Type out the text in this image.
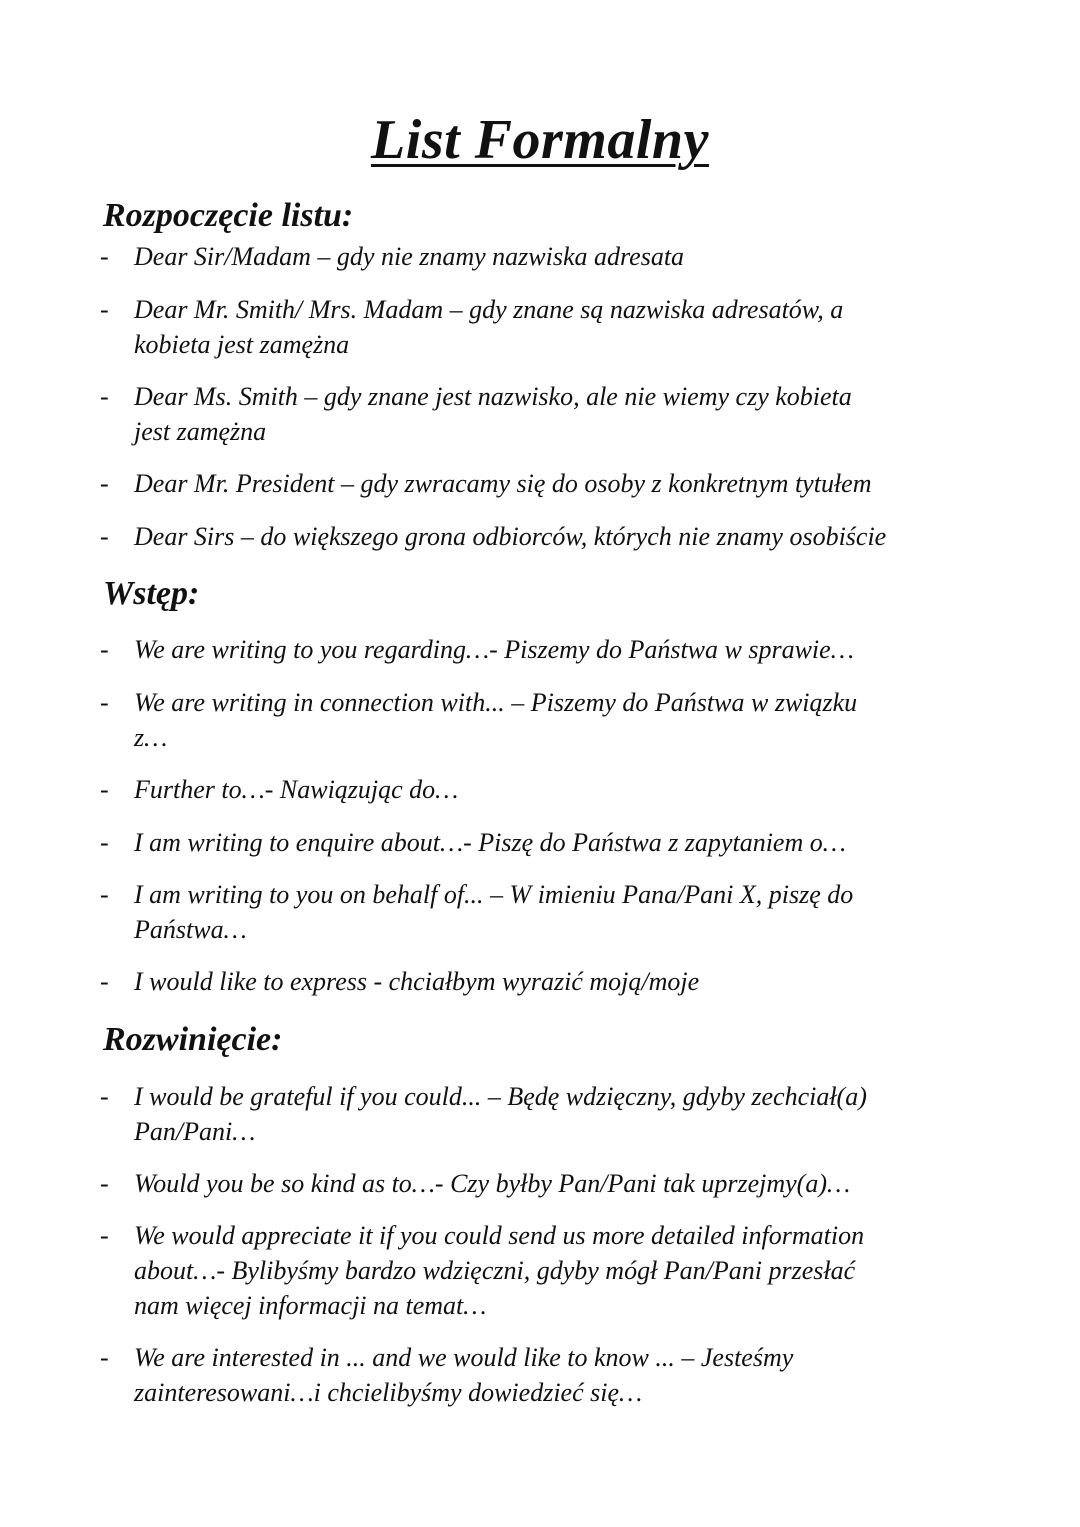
List Formalny
Rozpoczęcie listu:
- Dear Sir/Madam – gdy nie znamy nazwiska adresata
- Dear Mr. Smith/ Mrs. Madam – gdy znane są nazwiska adresatów, a
kobieta jest zamężna
- Dear Ms. Smith – gdy znane jest nazwisko, ale nie wiemy czy kobieta
jest zamężna
- Dear Mr. President – gdy zwracamy się do osoby z konkretnym tytułem
- Dear Sirs – do większego grona odbiorców, których nie znamy osobiście
Wstęp:
- We are writing to you regarding…- Piszemy do Państwa w sprawie…
- We are writing in connection with... – Piszemy do Państwa w związku
z…
- Further to…- Nawiązując do…
- I am writing to enquire about…- Piszę do Państwa z zapytaniem o…
- I am writing to you on behalf of... – W imieniu Pana/Pani X, piszę do
Państwa…
- I would like to express - chciałbym wyrazić moją/moje
Rozwinięcie:
- I would be grateful if you could... – Będę wdzięczny, gdyby zechciał(a)
Pan/Pani…
- Would you be so kind as to…- Czy byłby Pan/Pani tak uprzejmy(a)…
- We would appreciate it if you could send us more detailed information
about…- Bylibyśmy bardzo wdzięczni, gdyby mógł Pan/Pani przesłać
nam więcej informacji na temat…
- We are interested in ... and we would like to know ... – Jesteśmy
zainteresowani…i chcielibyśmy dowiedzieć się…
